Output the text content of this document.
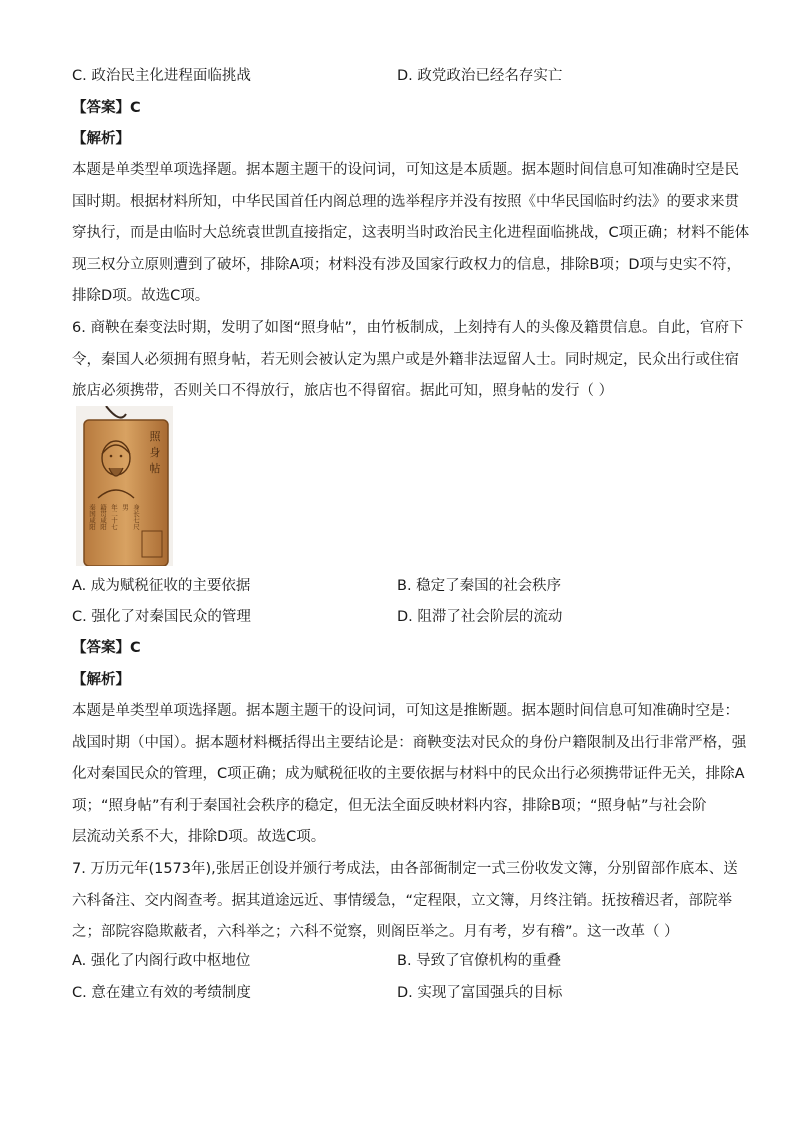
C. 政治民主化进程面临挑战	D. 政党政治已经名存实亡
【答案】C
【解析】
本题是单类型单项选择题。据本题主题干的设问词，可知这是本质题。据本题时间信息可知准确时空是民
国时期。根据材料所知，中华民国首任内阁总理的选举程序并没有按照《中华民国临时约法》的要求来贯
穿执行，而是由临时大总统袁世凯直接指定，这表明当时政治民主化进程面临挑战，C项正确；材料不能体
现三权分立原则遭到了破坏，排除A项；材料没有涉及国家行政权力的信息，排除B项；D项与史实不符，
排除D项。故选C项。
6. 商鞅在秦变法时期，发明了如图“照身帖”，由竹板制成，上刻持有人的头像及籍贯信息。自此，官府下
令，秦国人必须拥有照身帖，若无则会被认定为黑户或是外籍非法逗留人士。同时规定，民众出行或住宿
旅店必须携带，否则关口不得放行，旅店也不得留宿。据此可知，照身帖的发行（ ）
照
身
帖
秦国咸阳 籍贯咸阳 年二十七 男 身长七尺
A. 成为赋税征收的主要依据	B. 稳定了秦国的社会秩序
C. 强化了对秦国民众的管理	D. 阻滞了社会阶层的流动
【答案】C
【解析】
本题是单类型单项选择题。据本题主题干的设问词，可知这是推断题。据本题时间信息可知准确时空是：
战国时期（中国）。据本题材料概括得出主要结论是：商鞅变法对民众的身份户籍限制及出行非常严格，强
化对秦国民众的管理，C项正确；成为赋税征收的主要依据与材料中的民众出行必须携带证件无关，排除A
项；“照身帖”有利于秦国社会秩序的稳定，但无法全面反映材料内容，排除B项；“照身帖”与社会阶
层流动关系不大，排除D项。故选C项。
7. 万历元年(1573年),张居正创设并颁行考成法，由各部衙制定一式三份收发文簿，分别留部作底本、送
六科备注、交内阁查考。据其道途远近、事情缓急，“定程限，立文簿，月终注销。抚按稽迟者，部院举
之；部院容隐欺蔽者，六科举之；六科不觉察，则阁臣举之。月有考，岁有稽”。这一改革（ ）
A. 强化了内阁行政中枢地位	B. 导致了官僚机构的重叠
C. 意在建立有效的考绩制度	D. 实现了富国强兵的目标
